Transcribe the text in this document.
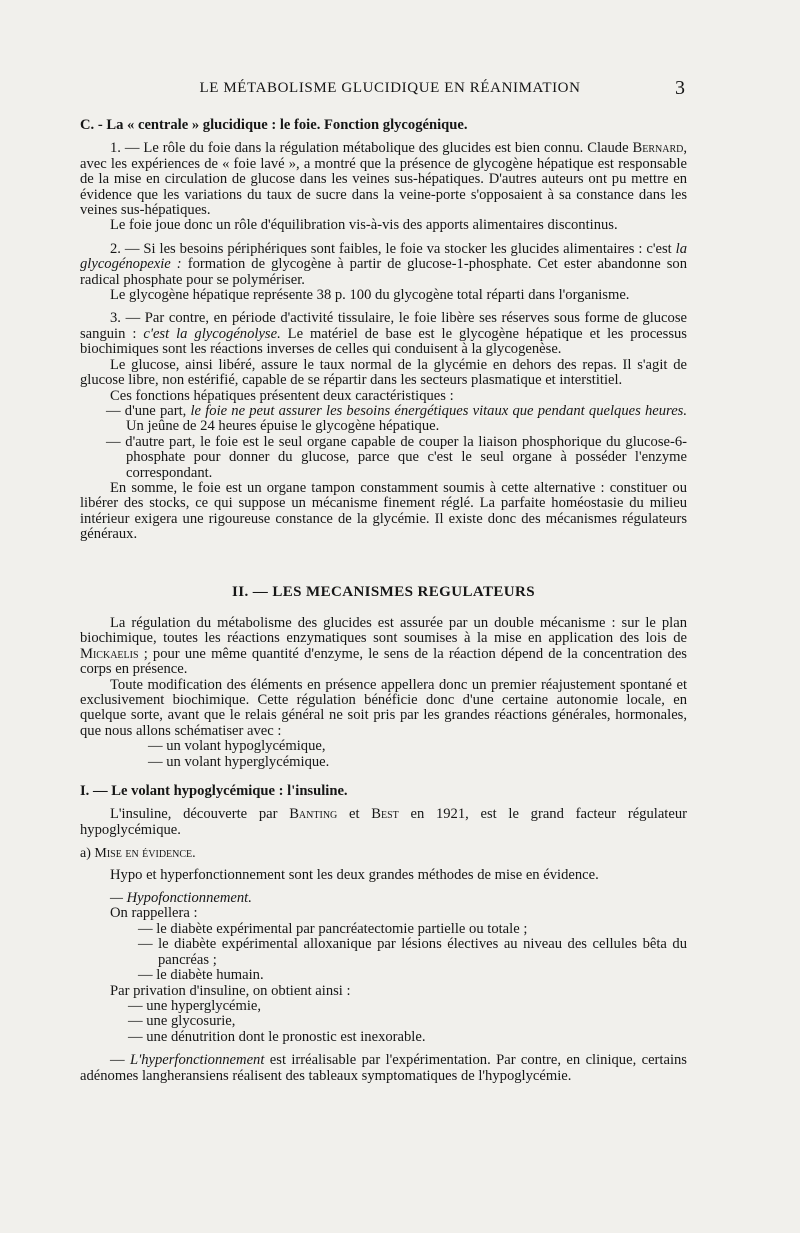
LE MÉTABOLISME GLUCIDIQUE EN RÉANIMATION	3
C. - La « centrale » glucidique : le foie. Fonction glycogénique.

1. — Le rôle du foie dans la régulation métabolique des glucides est bien connu. Claude Bernard, avec les expériences de « foie lavé », a montré que la présence de glycogène hépatique est responsable de la mise en circulation de glucose dans les veines sus-hépatiques. D'autres auteurs ont pu mettre en évidence que les variations du taux de sucre dans la veine-porte s'opposaient à sa constance dans les veines sus-hépatiques.

Le foie joue donc un rôle d'équilibration vis-à-vis des apports alimentaires discontinus.

2. — Si les besoins périphériques sont faibles, le foie va stocker les glucides alimentaires : c'est la glycogénopexie : formation de glycogène à partir de glucose-1-phosphate. Cet ester abandonne son radical phosphate pour se polymériser.

Le glycogène hépatique représente 38 p. 100 du glycogène total réparti dans l'organisme.

3. — Par contre, en période d'activité tissulaire, le foie libère ses réserves sous forme de glucose sanguin : c'est la glycogénolyse. Le matériel de base est le glycogène hépatique et les processus biochimiques sont les réactions inverses de celles qui conduisent à la glycogenèse.

Le glucose, ainsi libéré, assure le taux normal de la glycémie en dehors des repas. Il s'agit de glucose libre, non estérifié, capable de se répartir dans les secteurs plasmatique et interstitiel.

Ces fonctions hépatiques présentent deux caractéristiques :

— d'une part, le foie ne peut assurer les besoins énergétiques vitaux que pendant quelques heures. Un jeûne de 24 heures épuise le glycogène hépatique.

— d'autre part, le foie est le seul organe capable de couper la liaison phosphorique du glucose-6-phosphate pour donner du glucose, parce que c'est le seul organe à posséder l'enzyme correspondant.

En somme, le foie est un organe tampon constamment soumis à cette alternative : constituer ou libérer des stocks, ce qui suppose un mécanisme finement réglé. La parfaite homéostasie du milieu intérieur exigera une rigoureuse constance de la glycémie. Il existe donc des mécanismes régulateurs généraux.

II. — LES MECANISMES REGULATEURS

La régulation du métabolisme des glucides est assurée par un double mécanisme : sur le plan biochimique, toutes les réactions enzymatiques sont soumises à la mise en application des lois de Mickaelis ; pour une même quantité d'enzyme, le sens de la réaction dépend de la concentration des corps en présence.

Toute modification des éléments en présence appellera donc un premier réajustement spontané et exclusivement biochimique. Cette régulation bénéficie donc d'une certaine autonomie locale, en quelque sorte, avant que le relais général ne soit pris par les grandes réactions générales, hormonales, que nous allons schématiser avec :

— un volant hypoglycémique,

— un volant hyperglycémique.

I. — Le volant hypoglycémique : l'insuline.

L'insuline, découverte par Banting et Best en 1921, est le grand facteur régulateur hypoglycémique.

a) Mise en évidence.

Hypo et hyperfonctionnement sont les deux grandes méthodes de mise en évidence.

— Hypofonctionnement.

On rappellera :

— le diabète expérimental par pancréatectomie partielle ou totale ;

— le diabète expérimental alloxanique par lésions électives au niveau des cellules bêta du pancréas ;

— le diabète humain.

Par privation d'insuline, on obtient ainsi :

— une hyperglycémie,

— une glycosurie,

— une dénutrition dont le pronostic est inexorable.

— L'hyperfonctionnement est irréalisable par l'expérimentation. Par contre, en clinique, certains adénomes langheransiens réalisent des tableaux symptomatiques de l'hypoglycémie.
